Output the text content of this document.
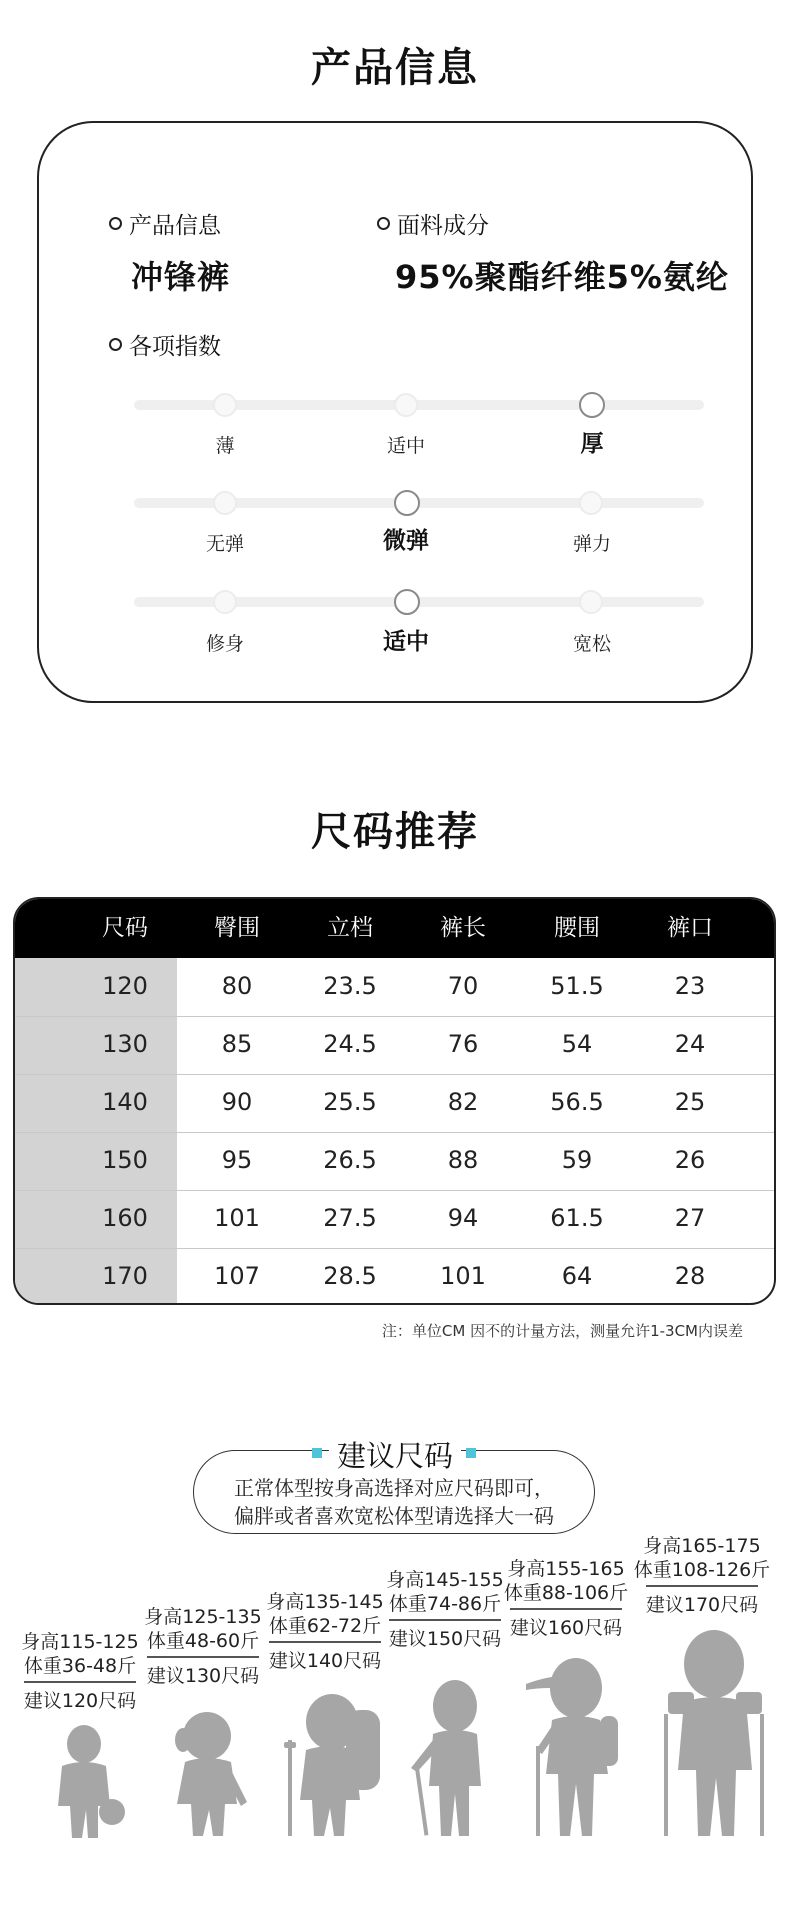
产品信息
产品信息
冲锋裤
面料成分
95%聚酯纤维5%氨纶
各项指数
薄	适中	厚
无弹	微弹	弹力
修身	适中	宽松
尺码推荐
尺码	臀围	立档	裤长	腰围	裤口
120	80	23.5	70	51.5	23
130	85	24.5	76	54	24
140	90	25.5	82	56.5	25
150	95	26.5	88	59	26
160	101	27.5	94	61.5	27
170	107	28.5	101	64	28
注：单位CM 因不的计量方法，测量允许1-3CM内误差
建议尺码
正常体型按身高选择对应尺码即可，
偏胖或者喜欢宽松体型请选择大一码
身高115-125
体重36-48斤
建议120尺码
身高125-135
体重48-60斤
建议130尺码
身高135-145
体重62-72斤
建议140尺码
身高145-155
体重74-86斤
建议150尺码
身高155-165
体重88-106斤
建议160尺码
身高165-175
体重108-126斤
建议170尺码
